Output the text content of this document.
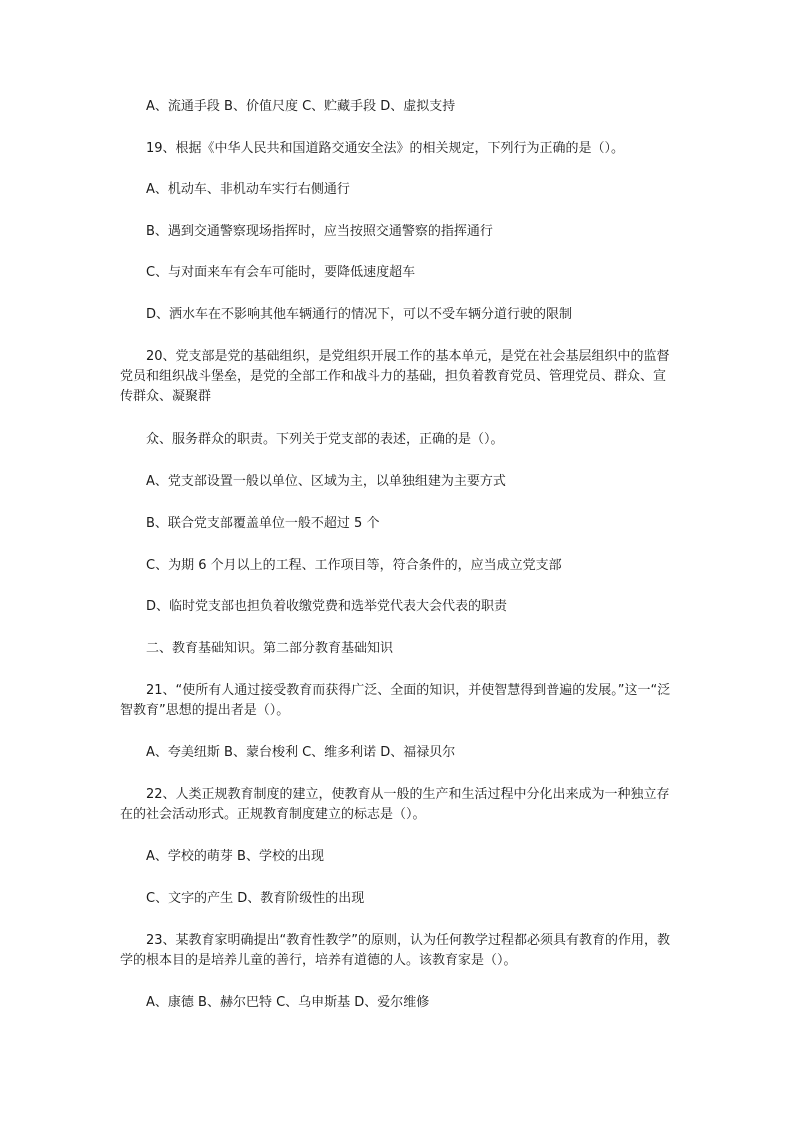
A、流通手段 B、价值尺度 C、贮藏手段 D、虚拟支持
19、根据《中华人民共和国道路交通安全法》的相关规定，下列行为正确的是（）。
A、机动车、非机动车实行右侧通行
B、遇到交通警察现场指挥时，应当按照交通警察的指挥通行
C、与对面来车有会车可能时，要降低速度超车
D、洒水车在不影响其他车辆通行的情况下，可以不受车辆分道行驶的限制
20、党支部是党的基础组织，是党组织开展工作的基本单元，是党在社会基层组织中的监督党员和组织战斗堡垒，是党的全部工作和战斗力的基础，担负着教育党员、管理党员、群众、宣传群众、凝聚群
众、服务群众的职责。下列关于党支部的表述，正确的是（）。
A、党支部设置一般以单位、区域为主，以单独组建为主要方式
B、联合党支部覆盖单位一般不超过 5 个
C、为期 6 个月以上的工程、工作项目等，符合条件的，应当成立党支部
D、临时党支部也担负着收缴党费和选举党代表大会代表的职责
二、教育基础知识。第二部分教育基础知识
21、“使所有人通过接受教育而获得广泛、全面的知识，并使智慧得到普遍的发展。”这一“泛智教育”思想的提出者是（）。
A、夸美纽斯 B、蒙台梭利 C、维多利诺 D、福禄贝尔
22、人类正规教育制度的建立，使教育从一般的生产和生活过程中分化出来成为一种独立存在的社会活动形式。正规教育制度建立的标志是（）。
A、学校的萌芽 B、学校的出现
C、文字的产生 D、教育阶级性的出现
23、某教育家明确提出“教育性教学”的原则，认为任何教学过程都必须具有教育的作用，教学的根本目的是培养儿童的善行，培养有道德的人。该教育家是（）。
A、康德 B、赫尔巴特 C、乌申斯基 D、爱尔维修
